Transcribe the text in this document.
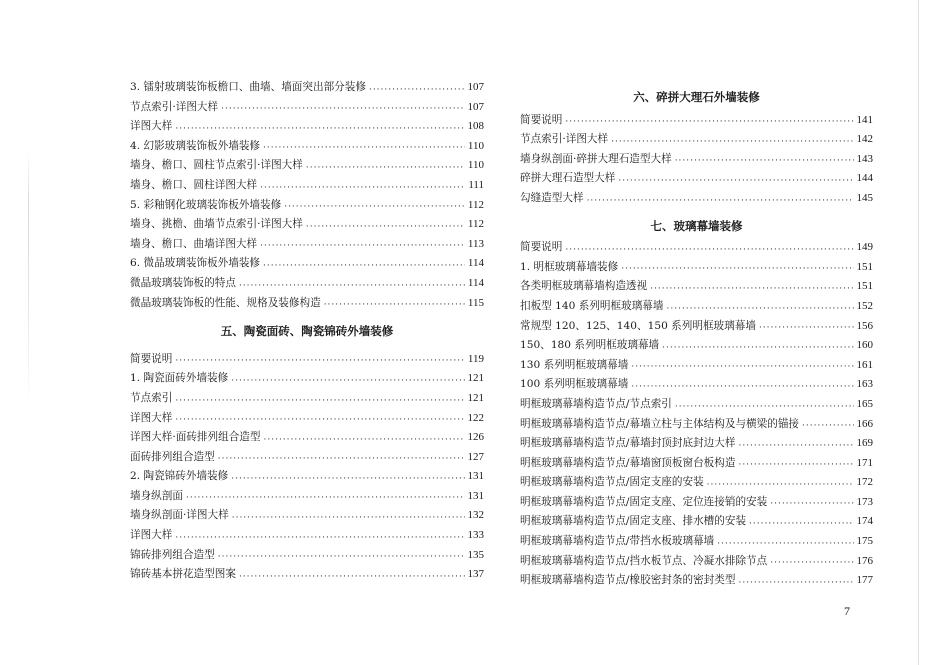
3. 镭射玻璃装饰板檐口、曲墙、墙面突出部分装修 ·····	107
节点索引·详图大样 ·····	107
详图大样 ·····	108
4. 幻影玻璃装饰板外墙装修 ·····	110
墙身、檐口、圆柱节点索引·详图大样 ·····	110
墙身、檐口、圆柱详图大样 ·····	111
5. 彩釉钢化玻璃装饰板外墙装修 ·····	112
墙身、挑檐、曲墙节点索引·详图大样 ·····	112
墙身、檐口、曲墙详图大样 ·····	113
6. 微晶玻璃装饰板外墙装修 ·····	114
微晶玻璃装饰板的特点 ·····	114
微晶玻璃装饰板的性能、规格及装修构造 ·····	115
五、陶瓷面砖、陶瓷锦砖外墙装修
简要说明 ·····	119
1. 陶瓷面砖外墙装修 ·····	121
节点索引 ·····	121
详图大样 ·····	122
详图大样·面砖排列组合造型 ·····	126
面砖排列组合造型 ·····	127
2. 陶瓷锦砖外墙装修 ·····	131
墙身纵剖面 ·····	131
墙身纵剖面·详图大样 ·····	132
详图大样 ·····	133
锦砖排列组合造型 ·····	135
锦砖基本拼花造型图案 ·····	137
六、碎拼大理石外墙装修
简要说明 ·····	141
节点索引·详图大样 ·····	142
墙身纵剖面·碎拼大理石造型大样 ·····	143
碎拼大理石造型大样 ·····	144
勾缝造型大样 ·····	145
七、玻璃幕墙装修
简要说明 ·····	149
1. 明框玻璃幕墙装修 ·····	151
各类明框玻璃幕墙构造透视 ·····	151
扣板型 140 系列明框玻璃幕墙 ·····	152
常规型 120、125、140、150 系列明框玻璃幕墙 ·····	156
150、180 系列明框玻璃幕墙 ·····	160
130 系列明框玻璃幕墙 ·····	161
100 系列明框玻璃幕墙 ·····	163
明框玻璃幕墙构造节点/节点索引 ·····	165
明框玻璃幕墙构造节点/幕墙立柱与主体结构及与横梁的锚接 ·····	166
明框玻璃幕墙构造节点/幕墙封顶封底封边大样 ·····	169
明框玻璃幕墙构造节点/幕墙窗顶板窗台板构造 ·····	171
明框玻璃幕墙构造节点/固定支座的安装 ·····	172
明框玻璃幕墙构造节点/固定支座、定位连接销的安装 ·····	173
明框玻璃幕墙构造节点/固定支座、排水槽的安装 ·····	174
明框玻璃幕墙构造节点/带挡水板玻璃幕墙 ·····	175
明框玻璃幕墙构造节点/挡水板节点、冷凝水排除节点 ·····	176
明框玻璃幕墙构造节点/橡胶密封条的密封类型 ·····	177
7
